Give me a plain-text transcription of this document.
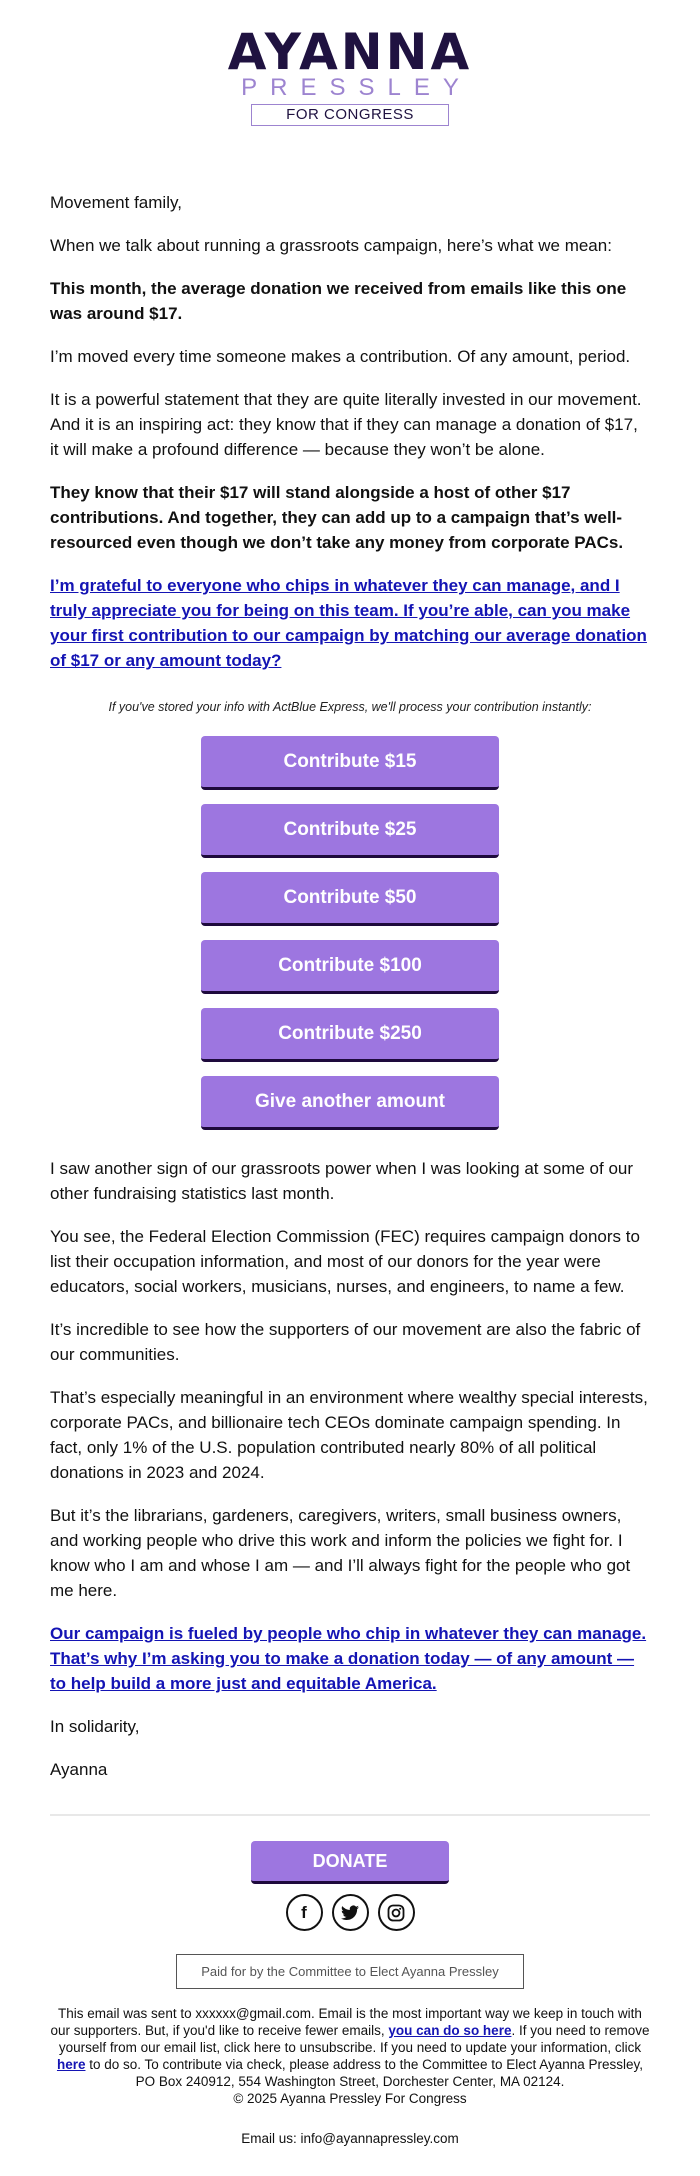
AYANNA
PRESSLEY
FOR CONGRESS

Movement family,

When we talk about running a grassroots campaign, here’s what we mean:

This month, the average donation we received from emails like this one was around $17.

I’m moved every time someone makes a contribution. Of any amount, period.

It is a powerful statement that they are quite literally invested in our movement. And it is an inspiring act: they know that if they can manage a donation of $17, it will make a profound difference — because they won’t be alone.

They know that their $17 will stand alongside a host of other $17 contributions. And together, they can add up to a campaign that’s well-resourced even though we don’t take any money from corporate PACs.

I’m grateful to everyone who chips in whatever they can manage, and I truly appreciate you for being on this team. If you’re able, can you make your first contribution to our campaign by matching our average donation of $17 or any amount today?

If you've stored your info with ActBlue Express, we'll process your contribution instantly:
Contribute $15
Contribute $25
Contribute $50
Contribute $100
Contribute $250
Give another amount

I saw another sign of our grassroots power when I was looking at some of our other fundraising statistics last month.

You see, the Federal Election Commission (FEC) requires campaign donors to list their occupation information, and most of our donors for the year were educators, social workers, musicians, nurses, and engineers, to name a few.

It’s incredible to see how the supporters of our movement are also the fabric of our communities.

That’s especially meaningful in an environment where wealthy special interests, corporate PACs, and billionaire tech CEOs dominate campaign spending. In fact, only 1% of the U.S. population contributed nearly 80% of all political donations in 2023 and 2024.

But it’s the librarians, gardeners, caregivers, writers, small business owners, and working people who drive this work and inform the policies we fight for. I know who I am and whose I am — and I’ll always fight for the people who got me here.

Our campaign is fueled by people who chip in whatever they can manage. That’s why I’m asking you to make a donation today — of any amount — to help build a more just and equitable America.

In solidarity,

Ayanna

DONATE
f
Paid for by the Committee to Elect Ayanna Pressley
This email was sent to xxxxxx@gmail.com. Email is the most important way we keep in touch with our supporters. But, if you'd like to receive fewer emails, you can do so here. If you need to remove yourself from our email list, click here to unsubscribe. If you need to update your information, click here to do so. To contribute via check, please address to the Committee to Elect Ayanna Pressley, PO Box 240912, 554 Washington Street, Dorchester Center, MA 02124.
© 2025 Ayanna Pressley For Congress
Email us: info@ayannapressley.com
